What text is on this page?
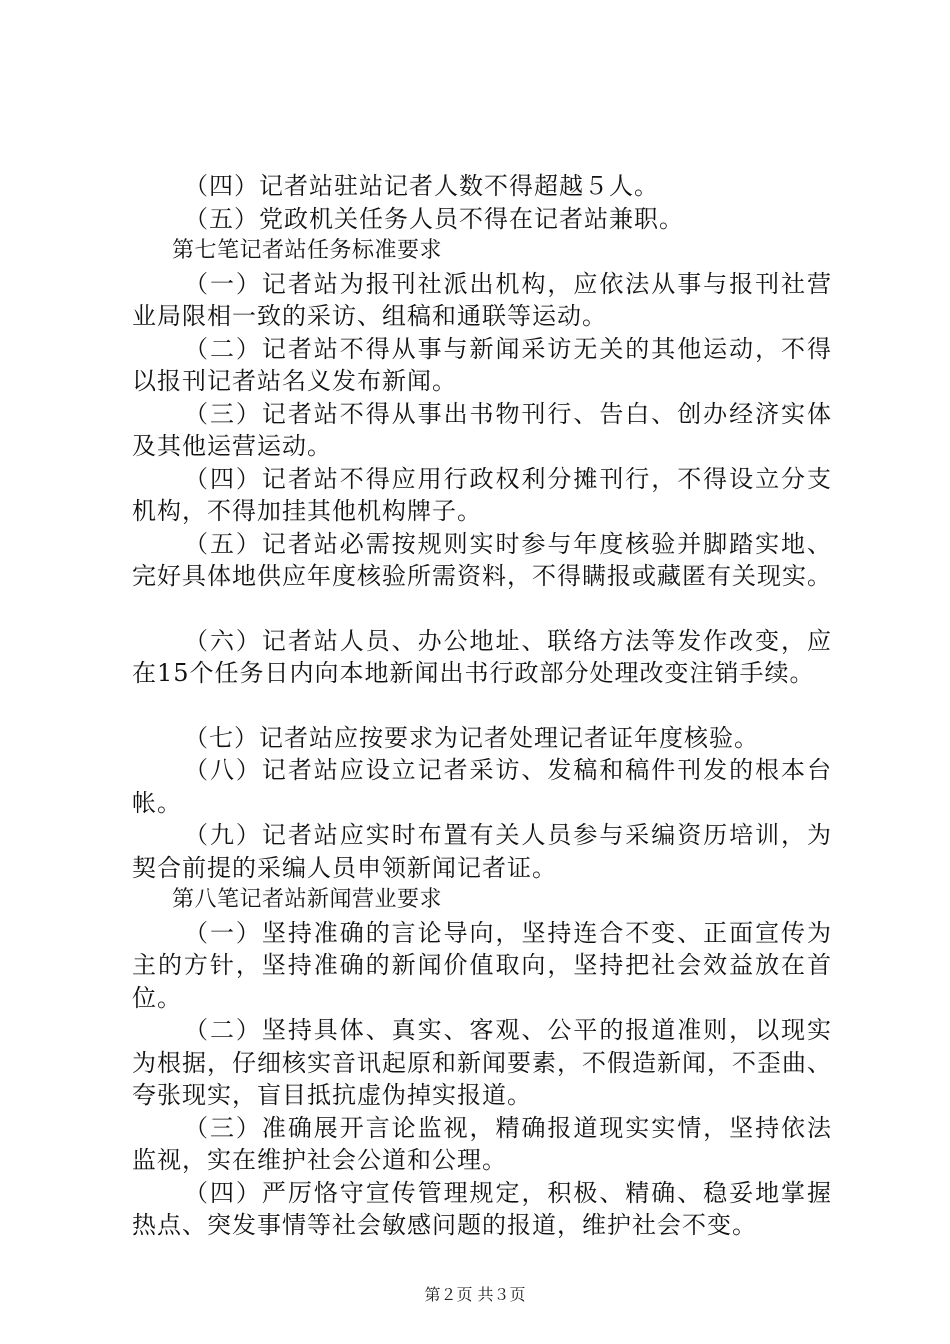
（四）记者站驻站记者人数不得超越５人。

（五）党政机关任务人员不得在记者站兼职。

第七笔记者站任务标准要求

（一）记者站为报刊社派出机构，应依法从事与报刊社营业局限相一致的采访、组稿和通联等运动。

（二）记者站不得从事与新闻采访无关的其他运动，不得以报刊记者站名义发布新闻。

（三）记者站不得从事出书物刊行、告白、创办经济实体及其他运营运动。

（四）记者站不得应用行政权利分摊刊行，不得设立分支机构，不得加挂其他机构牌子。

（五）记者站必需按规则实时参与年度核验并脚踏实地、完好具体地供应年度核验所需资料，不得瞒报或藏匿有关现实。

（六）记者站人员、办公地址、联络方法等发作改变，应在15个任务日内向本地新闻出书行政部分处理改变注销手续。

（七）记者站应按要求为记者处理记者证年度核验。

（八）记者站应设立记者采访、发稿和稿件刊发的根本台帐。

（九）记者站应实时布置有关人员参与采编资历培训，为契合前提的采编人员申领新闻记者证。

第八笔记者站新闻营业要求

（一）坚持准确的言论导向，坚持连合不变、正面宣传为主的方针，坚持准确的新闻价值取向，坚持把社会效益放在首位。

（二）坚持具体、真实、客观、公平的报道准则，以现实为根据，仔细核实音讯起原和新闻要素，不假造新闻，不歪曲、夸张现实，盲目抵抗虚伪掉实报道。

（三）准确展开言论监视，精确报道现实实情，坚持依法监视，实在维护社会公道和公理。

（四）严厉恪守宣传管理规定，积极、精确、稳妥地掌握热点、突发事情等社会敏感问题的报道，维护社会不变。

第２页 共３页
